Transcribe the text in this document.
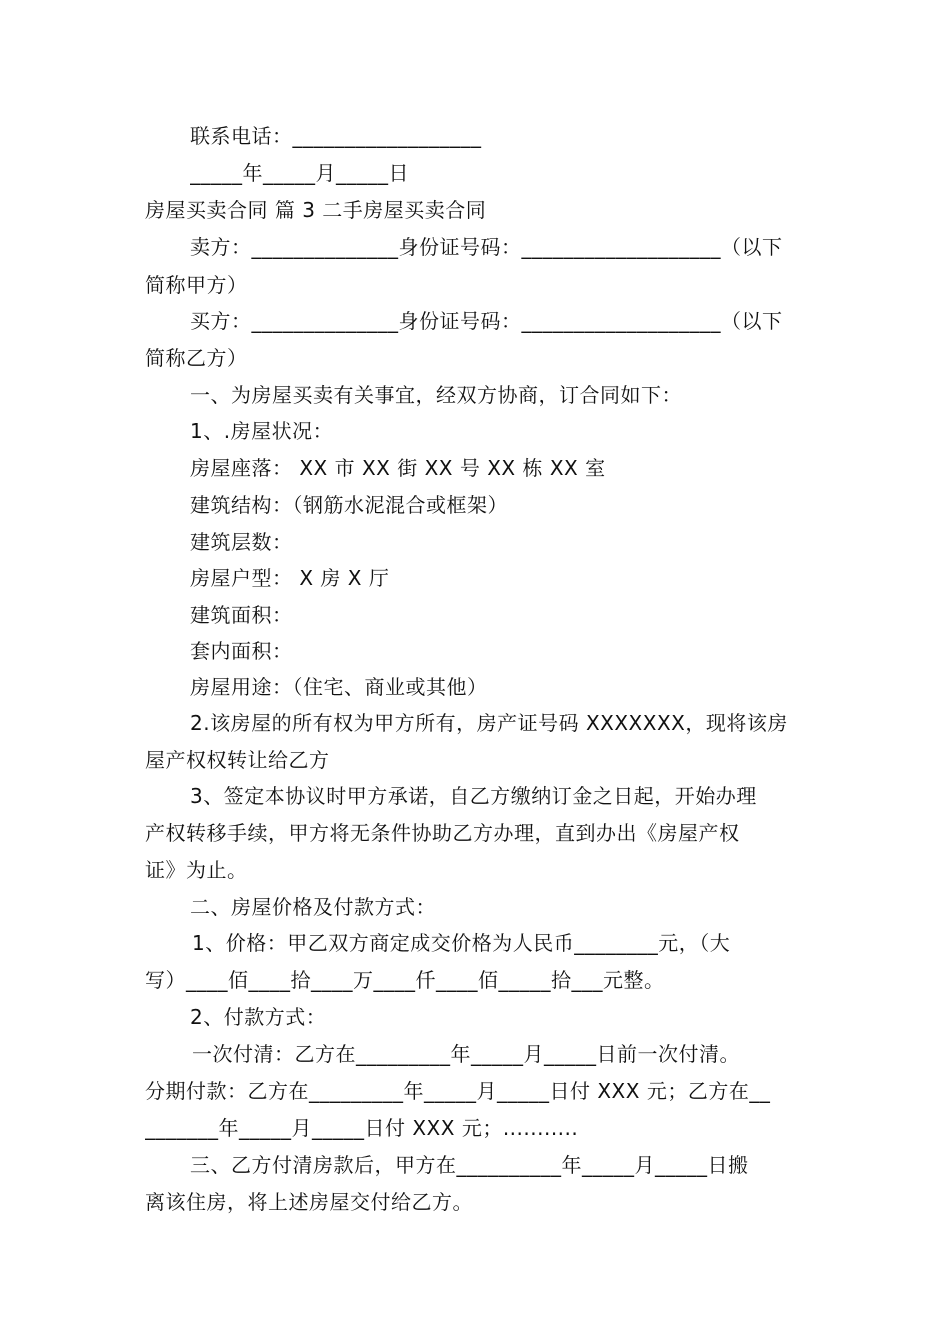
联系电话：__________________
_____年_____月_____日
房屋买卖合同 篇 3 二手房屋买卖合同
卖方：______________身份证号码：___________________（以下
简称甲方）
买方：______________身份证号码：___________________（以下
简称乙方）
一、为房屋买卖有关事宜，经双方协商，订合同如下：
1、.房屋状况：
房屋座落： XX 市 XX 街 XX 号 XX 栋 XX 室
建筑结构：（钢筋水泥混合或框架）
建筑层数：
房屋户型： X 房 X 厅
建筑面积：
套内面积：
房屋用途：（住宅、商业或其他）
2.该房屋的所有权为甲方所有，房产证号码 XXXXXXX，现将该房
屋产权权转让给乙方
3、签定本协议时甲方承诺，自乙方缴纳订金之日起，开始办理
产权转移手续，甲方将无条件协助乙方办理，直到办出《房屋产权
证》为止。
二、房屋价格及付款方式：
1、价格：甲乙双方商定成交价格为人民币________元，（大
写）____佰____拾____万____仟____佰_____拾___元整。
2、付款方式：
一次付清：乙方在_________年_____月_____日前一次付清。
分期付款：乙方在_________年_____月_____日付 XXX 元；乙方在__
_______年_____月_____日付 XXX 元；...........
三、乙方付清房款后，甲方在__________年_____月_____日搬
离该住房，将上述房屋交付给乙方。
